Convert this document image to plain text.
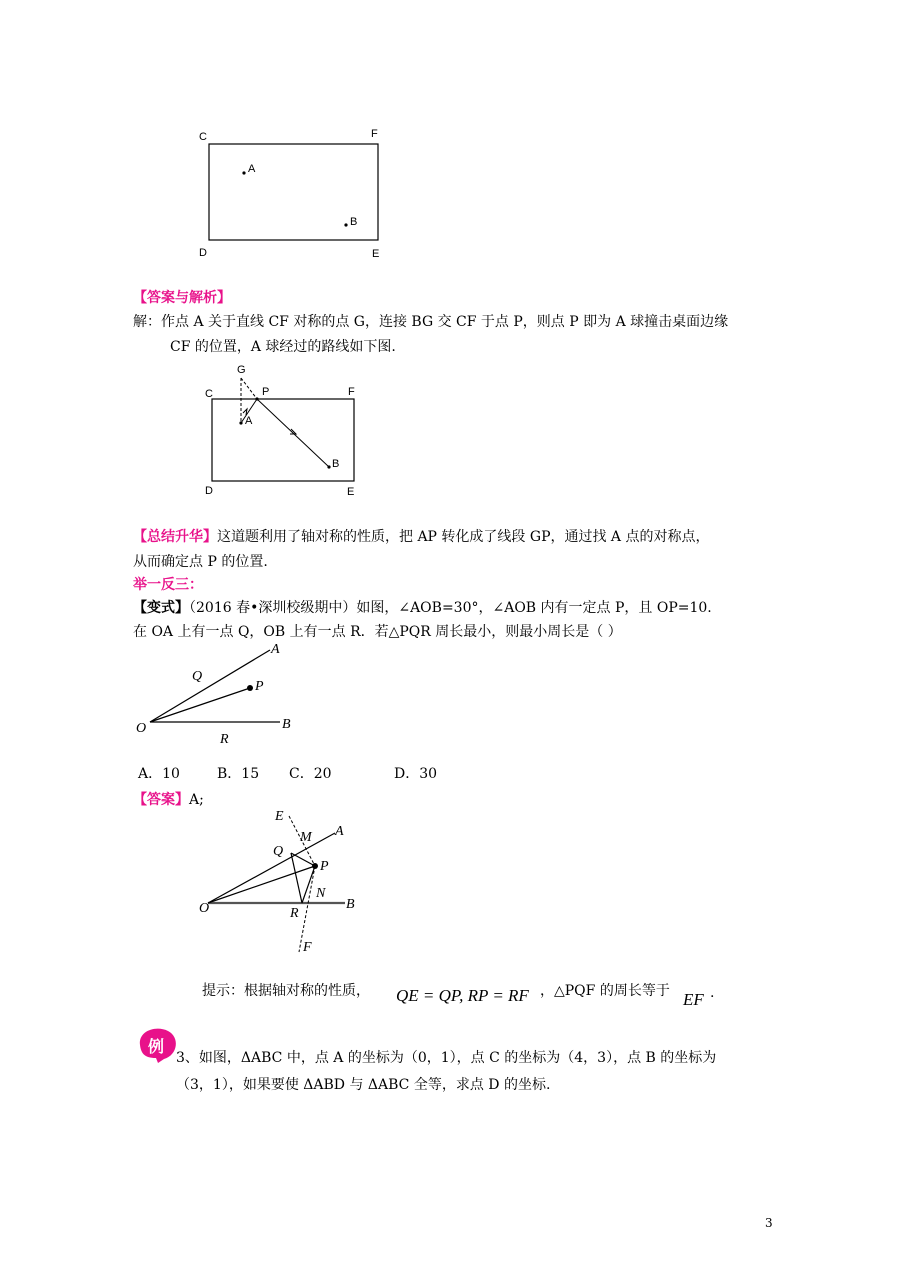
C	F
D	E
A
B
【答案与解析】
解：作点 A 关于直线 CF 对称的点 G，连接 BG 交 CF 于点 P，则点 P 即为 A 球撞击桌面边缘
CF 的位置，A 球经过的路线如下图.
G
C	P	F
A
B
D	E
【总结升华】这道题利用了轴对称的性质，把 AP 转化成了线段 GP，通过找 A 点的对称点，
从而确定点 P 的位置.
举一反三：
【变式】（2016 春•深圳校级期中）如图，∠AOB=30°，∠AOB 内有一定点 P，且 OP=10.
在 OA 上有一点 Q，OB 上有一点 R．若△PQR 周长最小，则最小周长是（ ）
A
Q
P
O	B
R
A．10	B．15 C．20	D．30
【答案】A;
E
M A
Q
P
N
O	R
B
F
提示：根据轴对称的性质， QE = QP, RP = RF ，△PQF 的周长等于 EF .
例
3、如图，ΔABC 中，点 A 的坐标为（0，1），点 C 的坐标为（4，3），点 B 的坐标为
（3，1），如果要使 ΔABD 与 ΔABC 全等，求点 D 的坐标.
3
